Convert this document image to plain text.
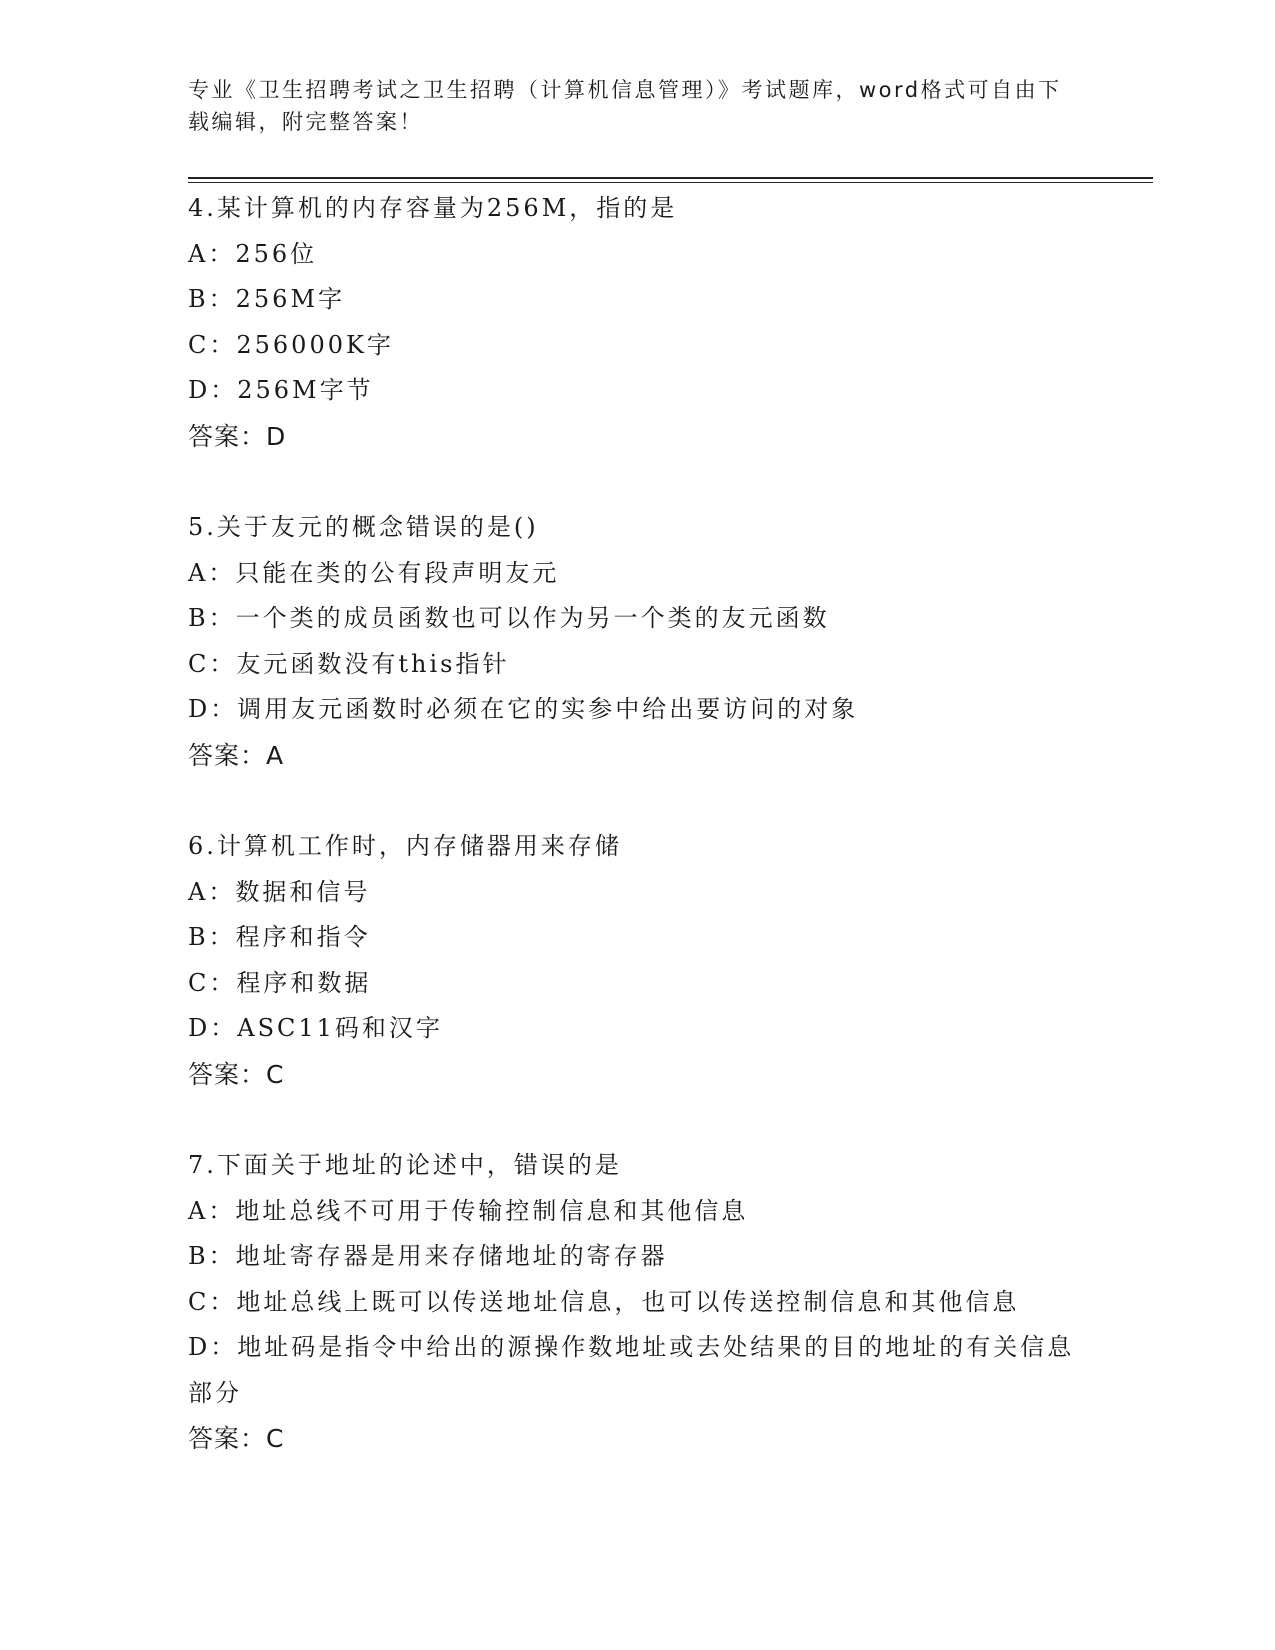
专业《卫生招聘考试之卫生招聘（计算机信息管理）》考试题库，word格式可自由下载编辑，附完整答案！
4.某计算机的内存容量为256M，指的是
A：256位
B：256M字
C：256000K字
D：256M字节
答案：D
5.关于友元的概念错误的是()
A：只能在类的公有段声明友元
B：一个类的成员函数也可以作为另一个类的友元函数
C：友元函数没有this指针
D：调用友元函数时必须在它的实参中给出要访问的对象
答案：A
6.计算机工作时，内存储器用来存储
A：数据和信号
B：程序和指令
C：程序和数据
D：ASC11码和汉字
答案：C
7.下面关于地址的论述中，错误的是
A：地址总线不可用于传输控制信息和其他信息
B：地址寄存器是用来存储地址的寄存器
C：地址总线上既可以传送地址信息，也可以传送控制信息和其他信息
D：地址码是指令中给出的源操作数地址或去处结果的目的地址的有关信息部分
答案：C
